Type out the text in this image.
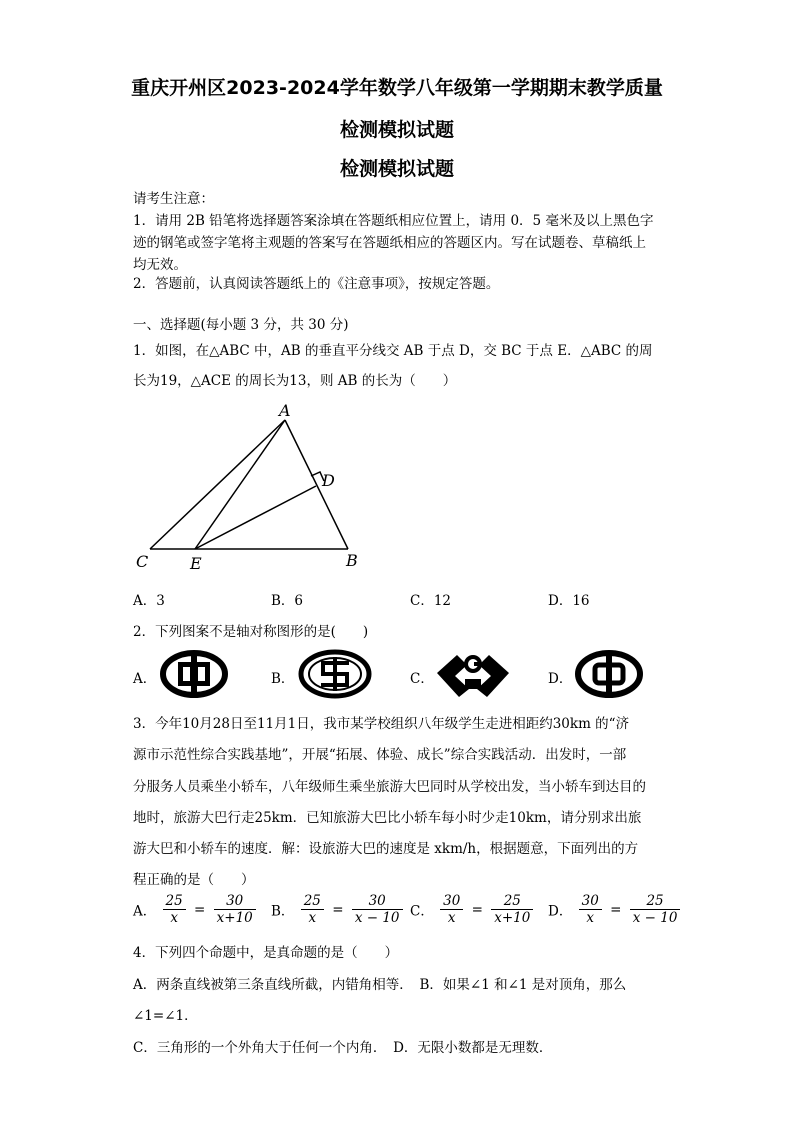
重庆开州区2023-2024学年数学八年级第一学期期末教学质量
检测模拟试题
检测模拟试题
请考生注意：
1．请用 2B 铅笔将选择题答案涂填在答题纸相应位置上，请用 0．5 毫米及以上黑色字
迹的钢笔或签字笔将主观题的答案写在答题纸相应的答题区内。写在试题卷、草稿纸上
均无效。
2．答题前，认真阅读答题纸上的《注意事项》，按规定答题。
一、选择题(每小题 3 分，共 30 分)
1．如图，在△ABC 中，AB 的垂直平分线交 AB 于点 D，交 BC 于点 E．△ABC 的周
长为19，△ACE 的周长为13，则 AB 的长为（　　）
A
D
C	E	B
A．3	B．6	C．12	D．16
2．下列图案不是轴对称图形的是(　　)
A．	B．	C．	D．
3．今年10月28日至11月1日，我市某学校组织八年级学生走进相距约30km 的“济
源市示范性综合实践基地”，开展“拓展、体验、成长”综合实践活动．出发时，一部
分服务人员乘坐小轿车，八年级师生乘坐旅游大巴同时从学校出发，当小轿车到达目的
地时，旅游大巴行走25km．已知旅游大巴比小轿车每小时少走10km，请分别求出旅
游大巴和小轿车的速度．解：设旅游大巴的速度是 xkm/h，根据题意，下面列出的方
程正确的是（　　）
A． $\frac{25}{x} = \frac{30}{x+10}$ B． $\frac{25}{x} = \frac{30}{x - 10}$ C． $\frac{30}{x} = \frac{25}{x+10}$ D． $\frac{30}{x} = \frac{25}{x - 10}$
4．下列四个命题中，是真命题的是（　　）
A．两条直线被第三条直线所截，内错角相等．　B．如果∠1 和∠1 是对顶角，那么
∠1=∠1．
C．三角形的一个外角大于任何一个内角．　D．无限小数都是无理数．
